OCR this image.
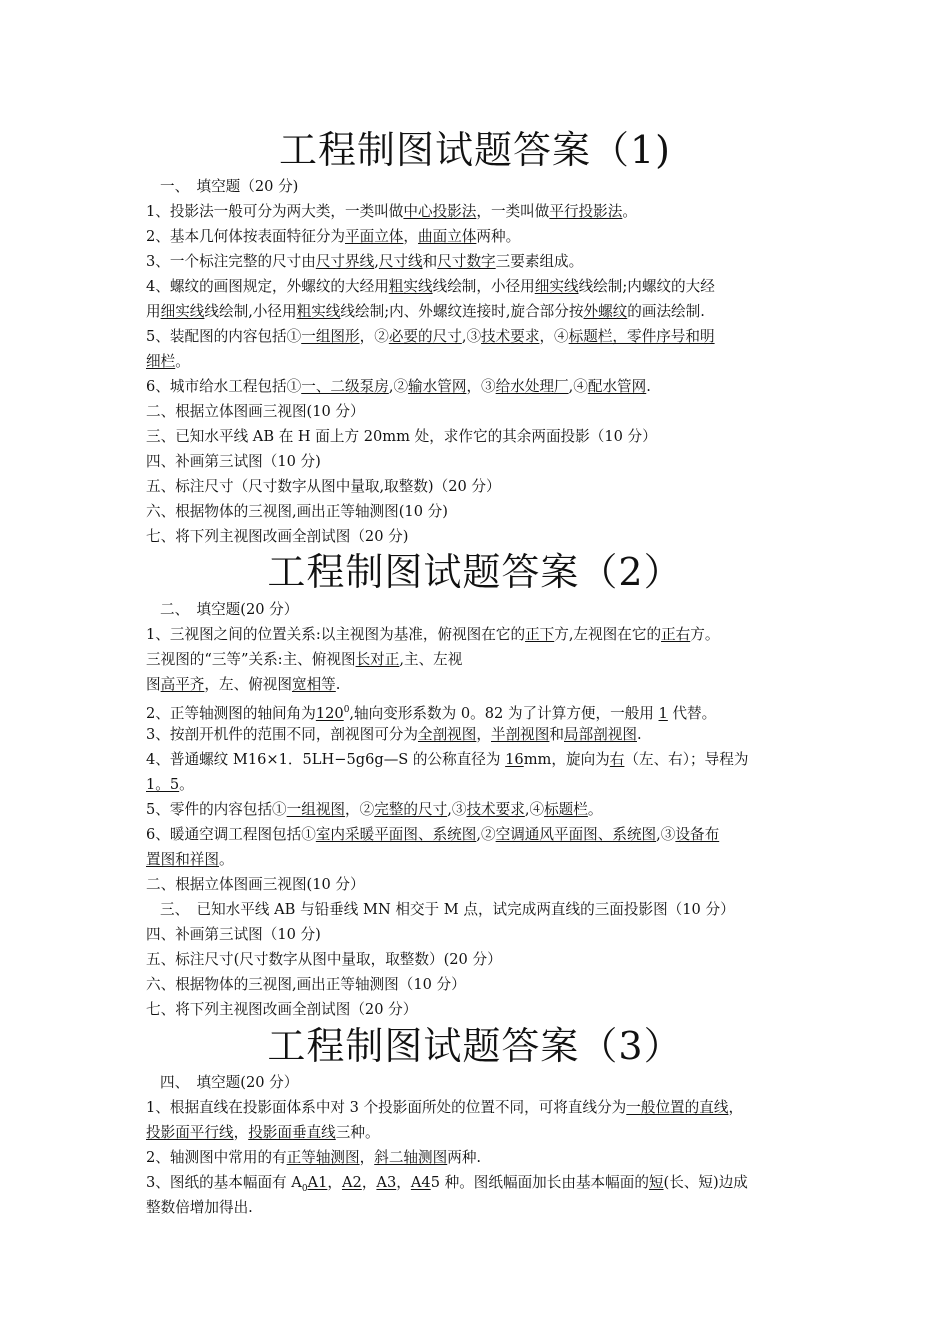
工程制图试题答案（1)
一、　填空题（20 分)
1、投影法一般可分为两大类，一类叫做中心投影法，一类叫做平行投影法。
2、基本几何体按表面特征分为平面立体，曲面立体两种。
3、一个标注完整的尺寸由尺寸界线,尺寸线和尺寸数字三要素组成。
4、螺纹的画图规定，外螺纹的大经用粗实线线绘制，小径用细实线线绘制;内螺纹的大经
用细实线线绘制,小径用粗实线线绘制;内、外螺纹连接时,旋合部分按外螺纹的画法绘制.
5、装配图的内容包括①一组图形，②必要的尺寸,③技术要求，④标题栏，零件序号和明
细栏。
6、城市给水工程包括①一、二级泵房,②输水管网，③给水处理厂,④配水管网.
二、根据立体图画三视图(10 分）
三、已知水平线 AB 在 H 面上方 20mm 处，求作它的其余两面投影（10 分）
四、补画第三试图（10 分)
五、标注尺寸（尺寸数字从图中量取,取整数)（20 分）
六、根据物体的三视图,画出正等轴测图(10 分)
七、将下列主视图改画全剖试图（20 分)
工程制图试题答案（2）
二、　填空题(20 分）
1、三视图之间的位置关系:以主视图为基准，俯视图在它的正下方,左视图在它的正右方。
三视图的“三等”关系:主、俯视图长对正,主、左视
图高平齐，左、俯视图宽相等.
2、正等轴测图的轴间角为$120^0$,轴向变形系数为 0。82 为了计算方便，一般用 1 代替。
3、按剖开机件的范围不同，剖视图可分为全剖视图，半剖视图和局部剖视图.
4、普通螺纹 M16×1．5LH−5g6g—S 的公称直径为 16mm，旋向为右（左、右）；导程为
1。5。
5、零件的内容包括①一组视图，②完整的尺寸,③技术要求,④标题栏。
6、暖通空调工程图包括①室内采暖平面图、系统图,②空调通风平面图、系统图,③设备布
置图和祥图。
二、根据立体图画三视图(10 分）
三、　已知水平线 AB 与铅垂线 MN 相交于 M 点，试完成两直线的三面投影图（10 分）
四、补画第三试图（10 分)
五、标注尺寸(尺寸数字从图中量取，取整数）(20 分）
六、根据物体的三视图,画出正等轴测图（10 分）
七、将下列主视图改画全剖试图（20 分）
工程制图试题答案（3）
四、　填空题(20 分）
1、根据直线在投影面体系中对 3 个投影面所处的位置不同，可将直线分为一般位置的直线，
投影面平行线，投影面垂直线三种。
2、轴测图中常用的有正等轴测图，斜二轴测图两种.
3、图纸的基本幅面有 $A_0A1$，A2，A3，A45 种。图纸幅面加长由基本幅面的短(长、短)边成
整数倍增加得出.
